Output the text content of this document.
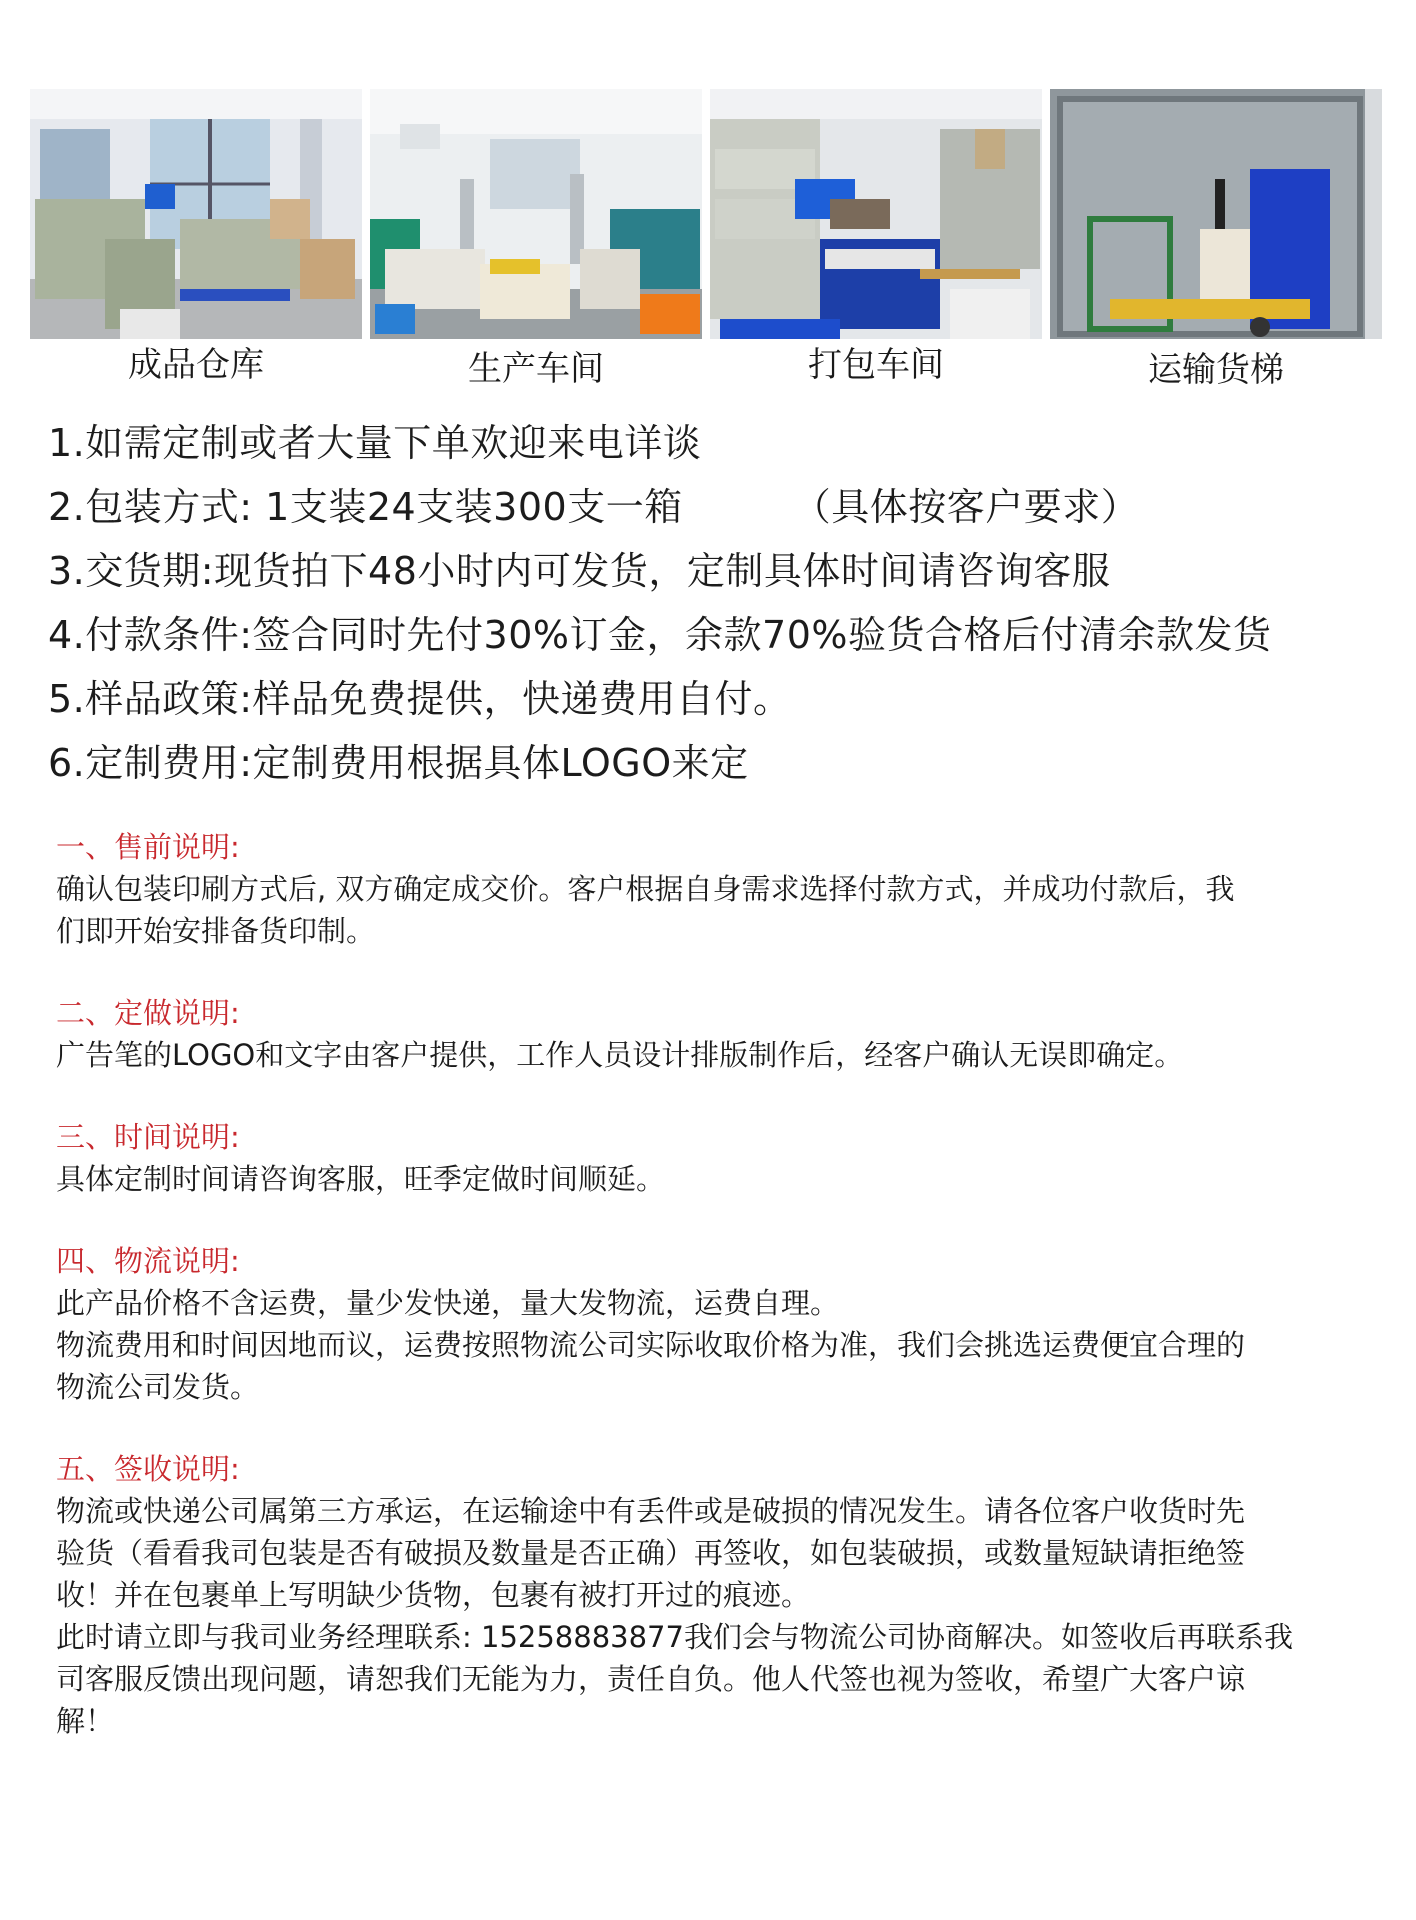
成品仓库	生产车间	打包车间	运输货梯
1.如需定制或者大量下单欢迎来电详谈
2.包装方式: 1支装24支装300支一箱	（具体按客户要求）
3.交货期:现货拍下48小时内可发货，定制具体时间请咨询客服
4.付款条件:签合同时先付30%订金，余款70%验货合格后付清余款发货
5.样品政策:样品免费提供，快递费用自付。
6.定制费用:定制费用根据具体LOGO来定
一、售前说明:
确认包装印刷方式后, 双方确定成交价。客户根据自身需求选择付款方式，并成功付款后，我
们即开始安排备货印制。
二、定做说明:
广告笔的LOGO和文字由客户提供，工作人员设计排版制作后，经客户确认无误即确定。
三、时间说明:
具体定制时间请咨询客服，旺季定做时间顺延。
四、物流说明:
此产品价格不含运费，量少发快递，量大发物流，运费自理。
物流费用和时间因地而议，运费按照物流公司实际收取价格为准，我们会挑选运费便宜合理的
物流公司发货。
五、签收说明:
物流或快递公司属第三方承运，在运输途中有丢件或是破损的情况发生。请各位客户收货时先
验货（看看我司包装是否有破损及数量是否正确）再签收，如包装破损，或数量短缺请拒绝签
收！并在包裹单上写明缺少货物，包裹有被打开过的痕迹。
此时请立即与我司业务经理联系: 15258883877我们会与物流公司协商解决。如签收后再联系我
司客服反馈出现问题，请恕我们无能为力，责任自负。他人代签也视为签收，希望广大客户谅
解！
